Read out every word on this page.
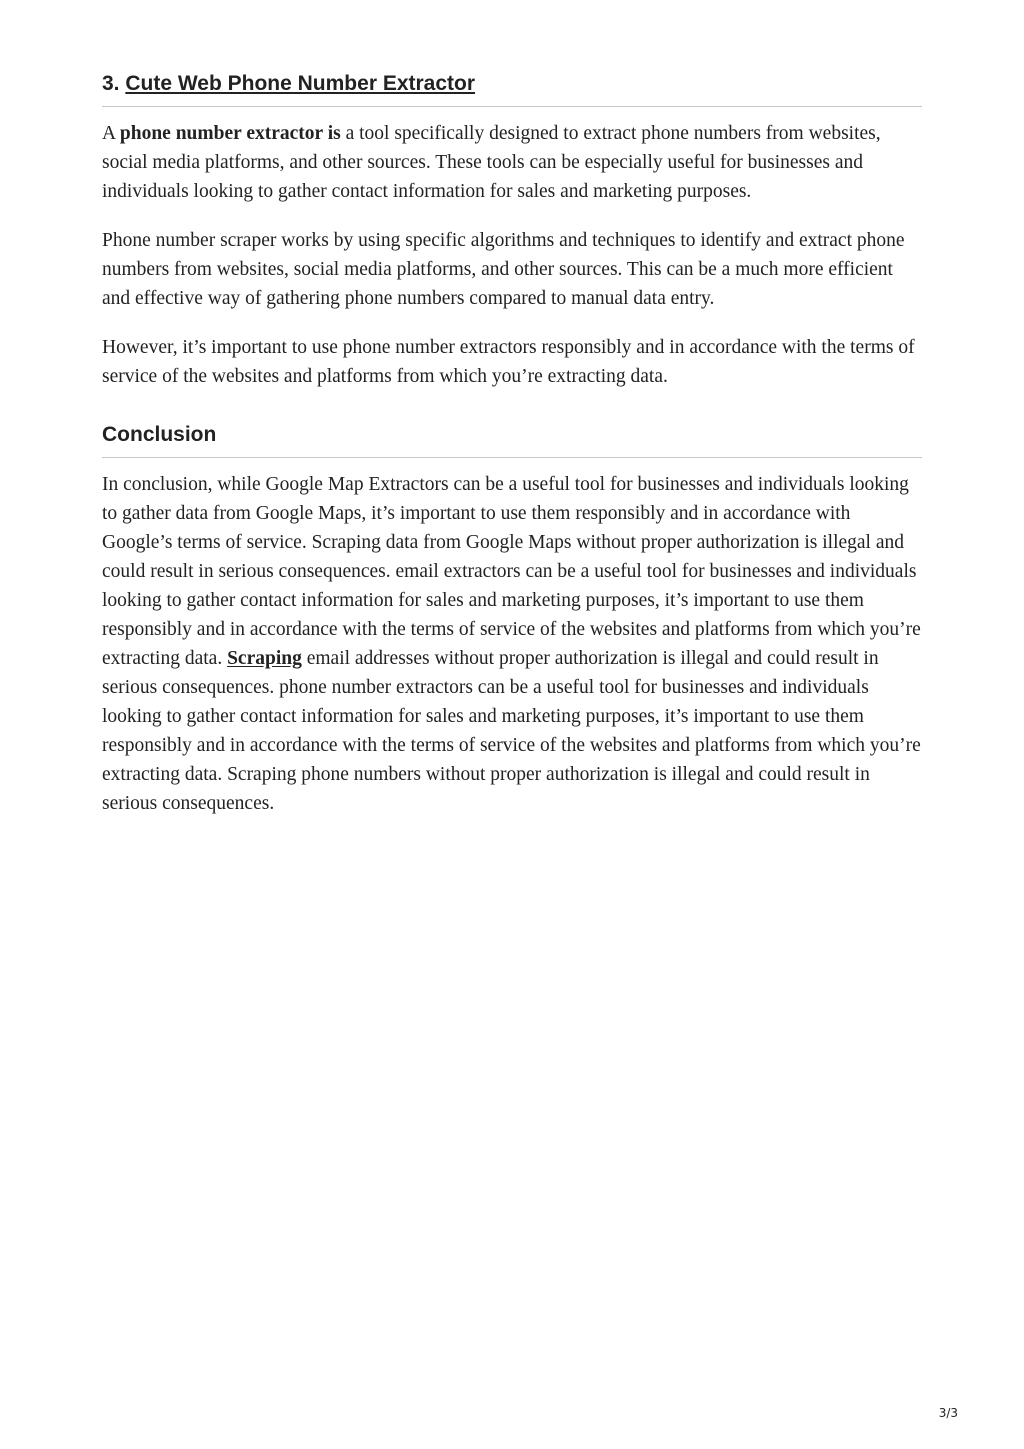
3. Cute Web Phone Number Extractor

A phone number extractor is a tool specifically designed to extract phone numbers from websites, social media platforms, and other sources. These tools can be especially useful for businesses and individuals looking to gather contact information for sales and marketing purposes.

Phone number scraper works by using specific algorithms and techniques to identify and extract phone numbers from websites, social media platforms, and other sources. This can be a much more efficient and effective way of gathering phone numbers compared to manual data entry.

However, it’s important to use phone number extractors responsibly and in accordance with the terms of service of the websites and platforms from which you’re extracting data.

Conclusion

In conclusion, while Google Map Extractors can be a useful tool for businesses and individuals looking to gather data from Google Maps, it’s important to use them responsibly and in accordance with Google’s terms of service. Scraping data from Google Maps without proper authorization is illegal and could result in serious consequences. email extractors can be a useful tool for businesses and individuals looking to gather contact information for sales and marketing purposes, it’s important to use them responsibly and in accordance with the terms of service of the websites and platforms from which you’re extracting data. Scraping email addresses without proper authorization is illegal and could result in serious consequences. phone number extractors can be a useful tool for businesses and individuals looking to gather contact information for sales and marketing purposes, it’s important to use them responsibly and in accordance with the terms of service of the websites and platforms from which you’re extracting data. Scraping phone numbers without proper authorization is illegal and could result in serious consequences.

3/3
